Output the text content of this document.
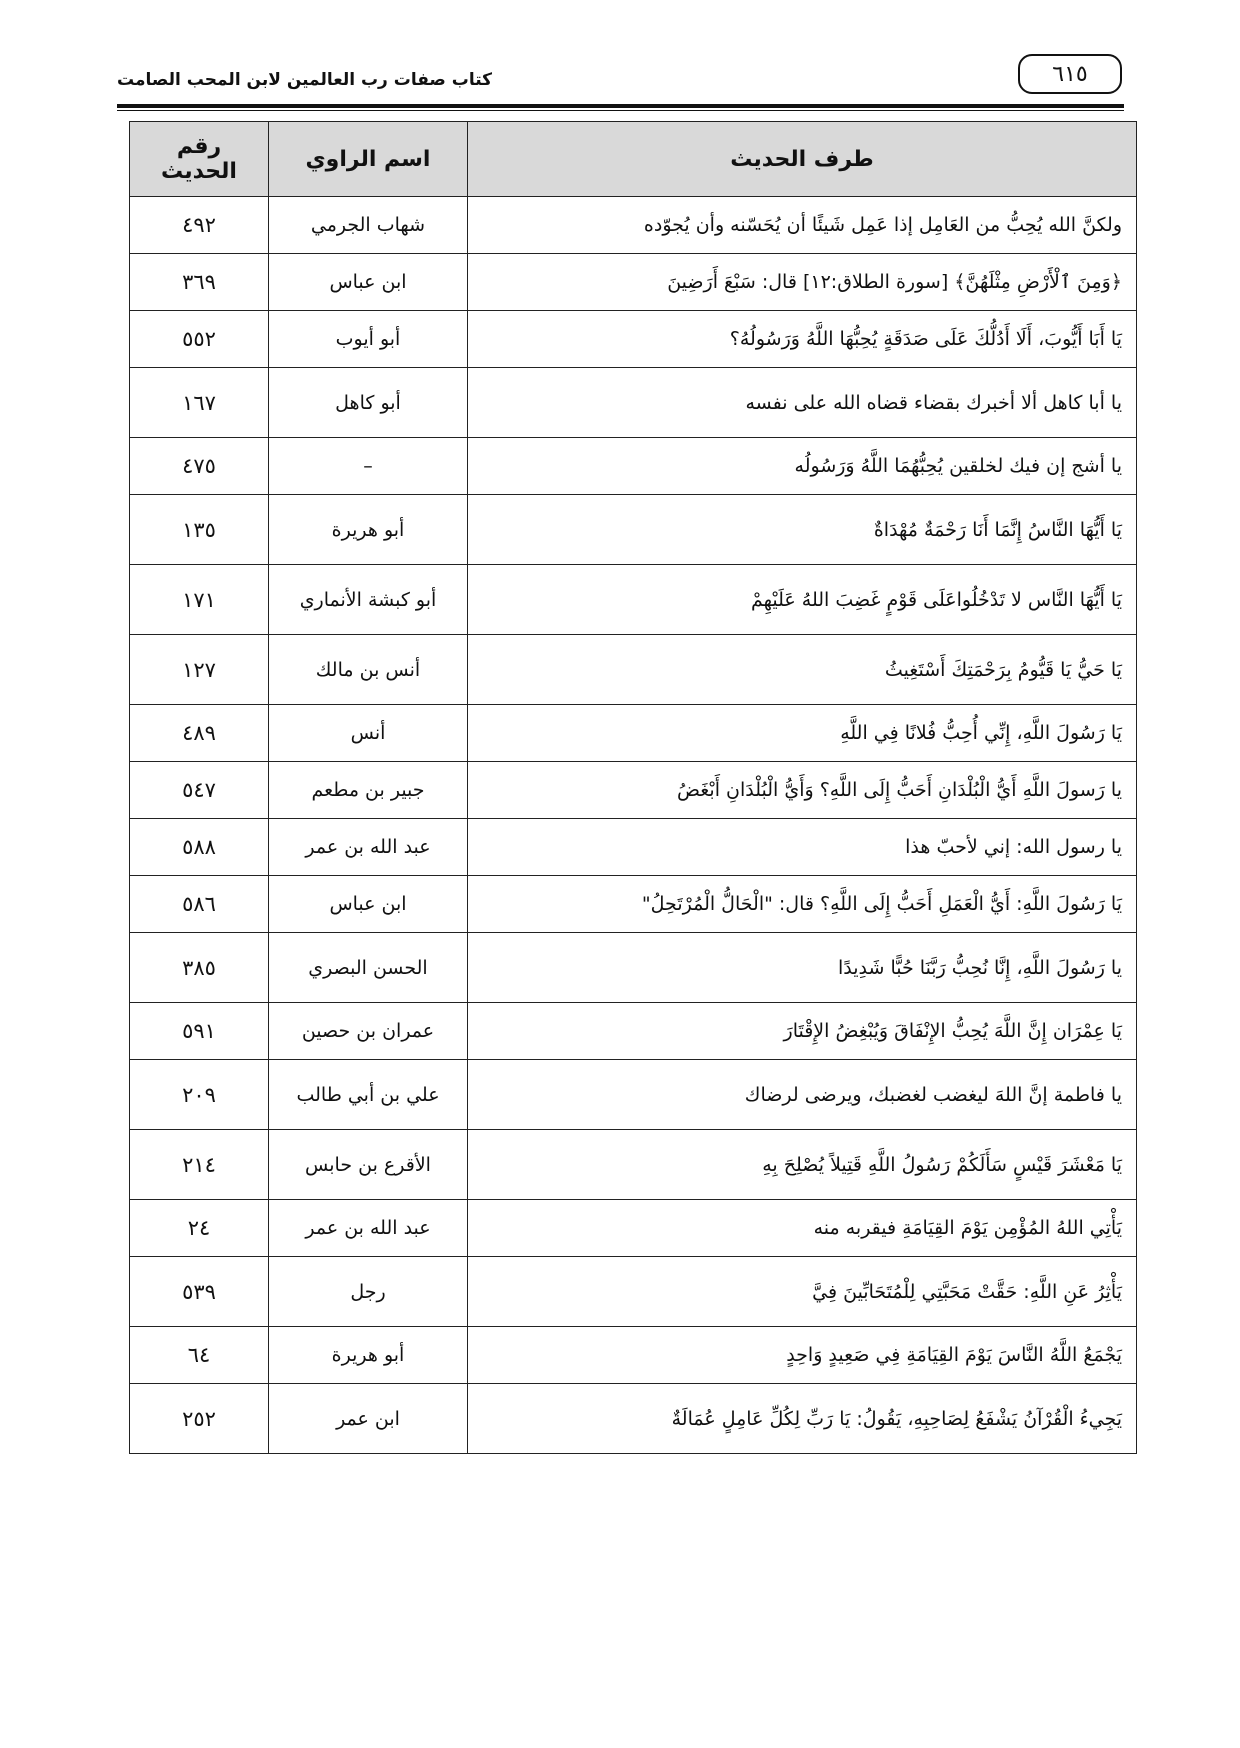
٦١٥
كتاب صفات رب العالمين لابن المحب الصامت
طرف الحديث	اسم الراوي	رقم الحديث
ولكنَّ الله يُحِبُّ من العَامِل إذا عَمِل شَيئًا أن يُحَسّنه وأن يُجوّده	شهاب الجرمي	٤٩٢
﴿وَمِنَ ٱلْأَرْضِ مِثْلَهُنَّ﴾ [سورة الطلاق:١٢] قال: سَبْعَ أَرَضِينَ	ابن عباس	٣٦٩
يَا أَبَا أَيُّوبَ، أَلَا أَدُلُّكَ عَلَى صَدَقَةٍ يُحِبُّهَا اللَّهُ وَرَسُولُهُ؟	أبو أيوب	٥٥٢
يا أبا كاهل ألا أخبرك بقضاء قضاه الله على نفسه	أبو كاهل	١٦٧
يا أشج إن فيك لخلقين يُحِبُّهُمَا اللَّهُ وَرَسُولُه	–	٤٧٥
يَا أَيُّهَا النَّاسُ إِنَّمَا أَنَا رَحْمَةٌ مُهْدَاةٌ	أبو هريرة	١٣٥
يَا أَيُّهَا النَّاس لا تَدْخُلُواعَلَى قَوْمٍ غَضِبَ اللهُ عَلَيْهِمْ	أبو كبشة الأنماري	١٧١
يَا حَيُّ يَا قَيُّومُ بِرَحْمَتِكَ أَسْتَغِيثُ	أنس بن مالك	١٢٧
يَا رَسُولَ اللَّهِ، إِنِّي أُحِبُّ فُلانًا فِي اللَّهِ	أنس	٤٨٩
يا رَسولَ اللَّهِ أَيُّ الْبُلْدَانِ أَحَبُّ إِلَى اللَّهِ؟ وَأَيُّ الْبُلْدَانِ أَبْغَضُ	جبير بن مطعم	٥٤٧
يا رسول الله: إني لأحبّ هذا	عبد الله بن عمر	٥٨٨
يَا رَسُولَ اللَّهِ: أَيُّ الْعَمَلِ أَحَبُّ إِلَى اللَّهِ؟ قال: "الْحَالُّ الْمُرْتَحِلُ"	ابن عباس	٥٨٦
يا رَسُولَ اللَّهِ، إِنَّا نُحِبُّ رَبَّنَا حُبًّا شَدِيدًا	الحسن البصري	٣٨٥
يَا عِمْرَان إِنَّ اللَّهَ يُحِبُّ الإِنْفَاقَ وَيُبْغِضُ الإِقْتَارَ	عمران بن حصين	٥٩١
يا فاطمة إنَّ اللهَ ليغضب لغضبك، ويرضى لرضاك	علي بن أبي طالب	٢٠٩
يَا مَعْشَرَ قَيْسٍ سَأَلَكُمْ رَسُولُ اللَّهِ قَتِيلاً يُصْلِحَ بِهِ	الأقرع بن حابس	٢١٤
يَأْتِي اللهُ المُؤْمِن يَوْمَ القِيَامَةِ فيقربه منه	عبد الله بن عمر	٢٤
يَأْثِرُ عَنِ اللَّهِ: حَقَّتْ مَحَبَّتِي لِلْمُتَحَابِّينَ فِيَّ	رجل	٥٣٩
يَجْمَعُ اللَّهُ النَّاسَ يَوْمَ القِيَامَةِ فِي صَعِيدٍ وَاحِدٍ	أبو هريرة	٦٤
يَجِيءُ الْقُرْآنُ يَشْفَعُ لِصَاحِبِهِ، يَقُولُ: يَا رَبِّ لِكُلِّ عَامِلٍ عُمَالَةٌ	ابن عمر	٢٥٢
